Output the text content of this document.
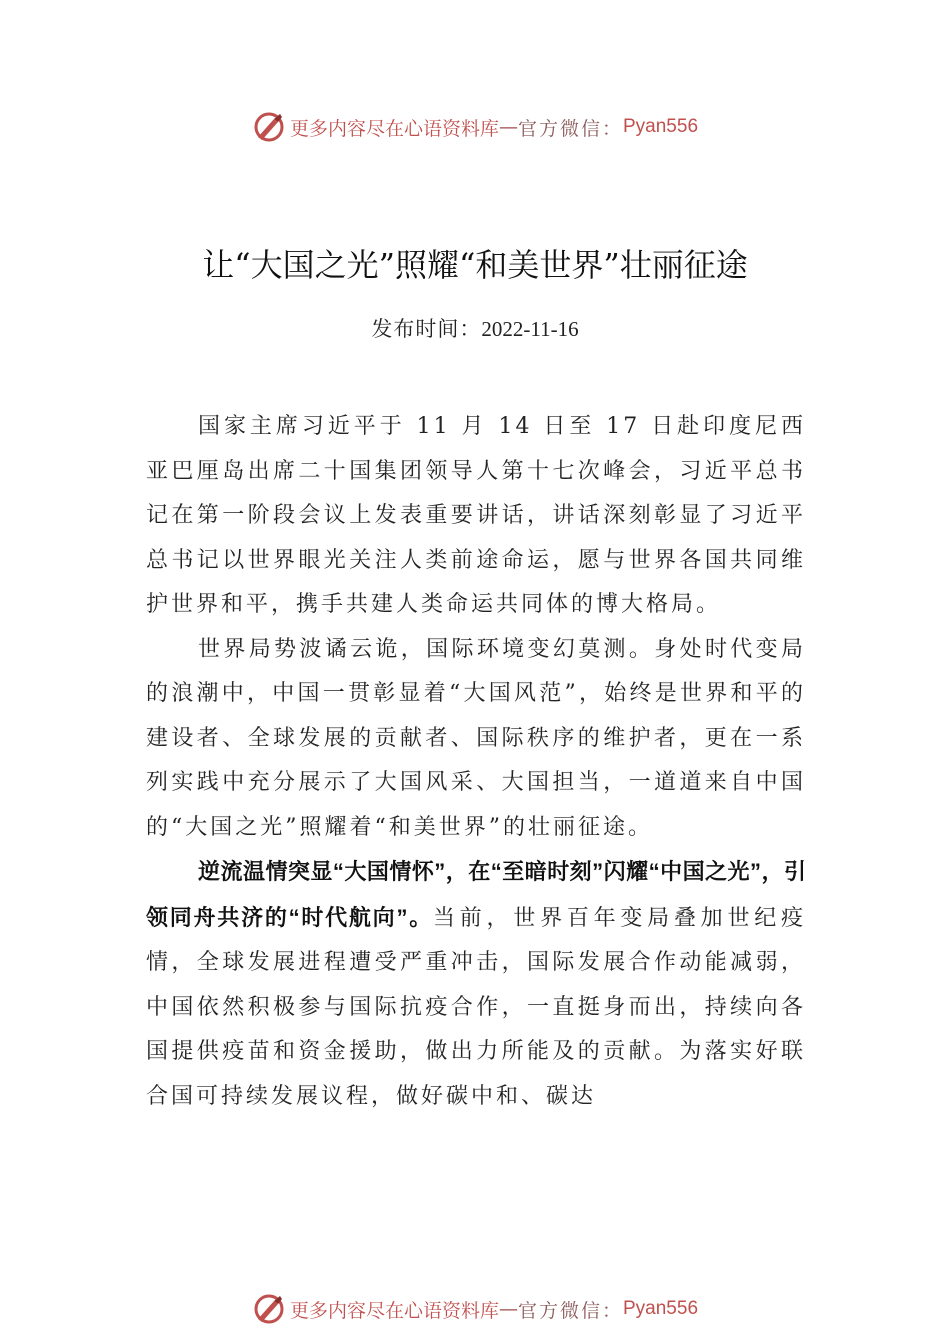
更多内容尽在心语资料库 — 官方微信： Pyan556
让“大国之光”照耀“和美世界”壮丽征途
发布时间：2022-11-16

国家主席习近平于 11 月 14 日至 17 日赴印度尼西亚巴厘岛出席二十国集团领导人第十七次峰会，习近平总书记在第一阶段会议上发表重要讲话，讲话深刻彰显了习近平总书记以世界眼光关注人类前途命运，愿与世界各国共同维护世界和平，携手共建人类命运共同体的博大格局。

世界局势波谲云诡，国际环境变幻莫测。身处时代变局的浪潮中，中国一贯彰显着“大国风范”，始终是世界和平的建设者、全球发展的贡献者、国际秩序的维护者，更在一系列实践中充分展示了大国风采、大国担当，一道道来自中国的“大国之光”照耀着“和美世界”的壮丽征途。

逆流温情突显“大国情怀”，在“至暗时刻”闪耀“中国之光”，引领同舟共济的“时代航向”。当前，世界百年变局叠加世纪疫情，全球发展进程遭受严重冲击，国际发展合作动能减弱，中国依然积极参与国际抗疫合作，一直挺身而出，持续向各国提供疫苗和资金援助，做出力所能及的贡献。为落实好联合国可持续发展议程，做好碳中和、碳达

更多内容尽在心语资料库 — 官方微信： Pyan556
